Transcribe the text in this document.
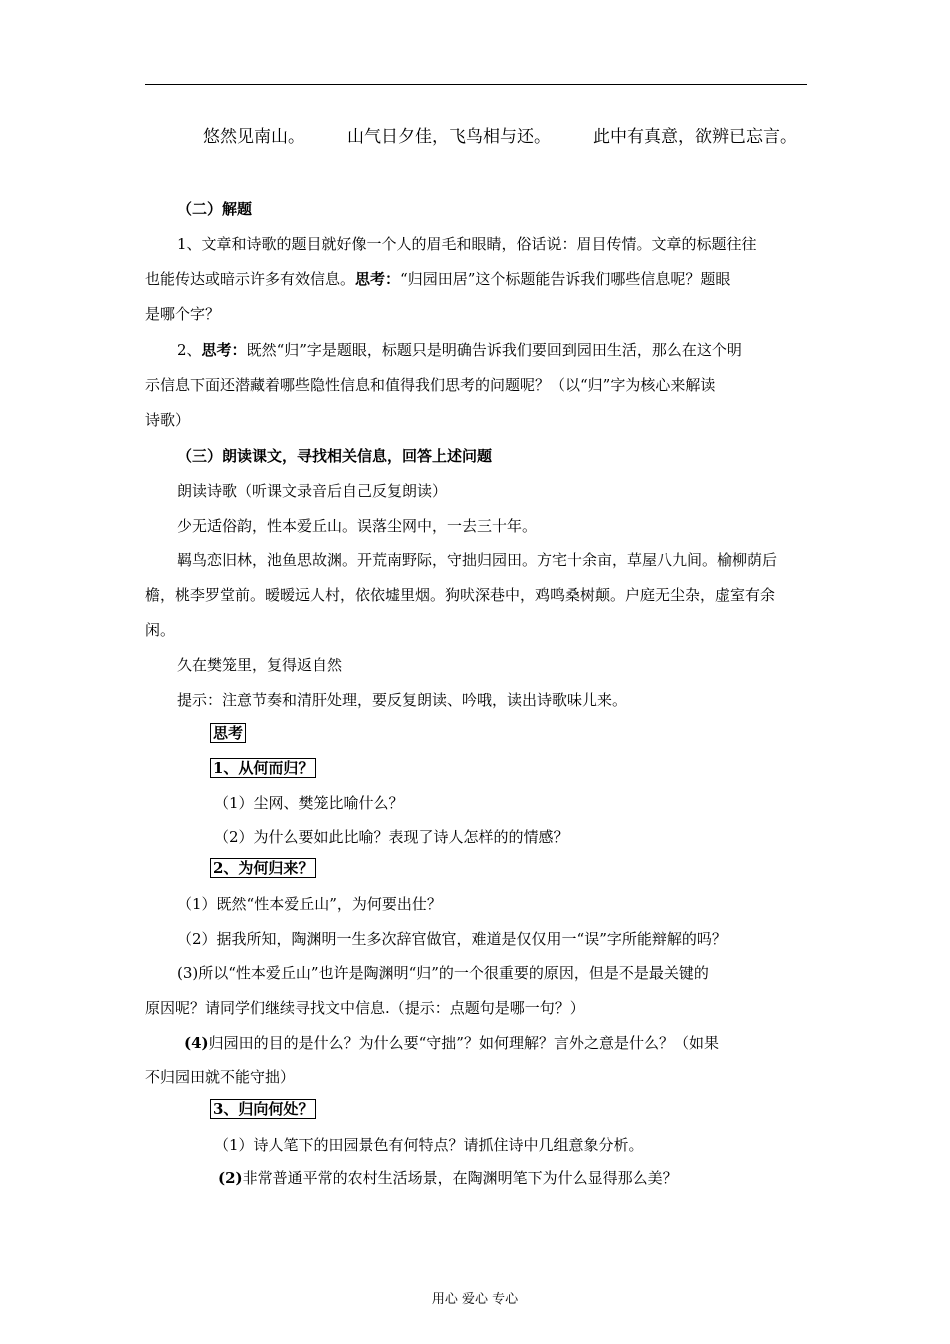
悠然见南山。 山气日夕佳，飞鸟相与还。 此中有真意，欲辨已忘言。
（二）解题
1、文章和诗歌的题目就好像一个人的眉毛和眼睛，俗话说：眉目传情。文章的标题往往
也能传达或暗示许多有效信息。思考：“归园田居”这个标题能告诉我们哪些信息呢？题眼
是哪个字？
2、思考：既然“归”字是题眼，标题只是明确告诉我们要回到园田生活，那么在这个明
示信息下面还潜藏着哪些隐性信息和值得我们思考的问题呢？（以“归”字为核心来解读
诗歌）
（三）朗读课文，寻找相关信息，回答上述问题
朗读诗歌（听课文录音后自己反复朗读）
少无适俗韵，性本爱丘山。误落尘网中，一去三十年。
羁鸟恋旧林，池鱼思故渊。开荒南野际，守拙归园田。方宅十余亩，草屋八九间。榆柳荫后
檐，桃李罗堂前。暧暧远人村，依依墟里烟。狗吠深巷中，鸡鸣桑树颠。户庭无尘杂，虚室有余
闲。
久在樊笼里，复得返自然
提示：注意节奏和清肝处理，要反复朗读、吟哦，读出诗歌味儿来。
思考
1、从何而归？
（1）尘网、樊笼比喻什么？
（2）为什么要如此比喻？表现了诗人怎样的的情感？
2、为何归来？
（1）既然“性本爱丘山”，为何要出仕？
（2）据我所知，陶渊明一生多次辞官做官，难道是仅仅用一“误”字所能辩解的吗？
(3)所以“性本爱丘山”也许是陶渊明“归”的一个很重要的原因，但是不是最关键的
原因呢？请同学们继续寻找文中信息.（提示：点题句是哪一句？）
(4)归园田的目的是什么？为什么要“守拙”？如何理解？言外之意是什么？（如果
不归园田就不能守拙）
3、归向何处？
（1）诗人笔下的田园景色有何特点？请抓住诗中几组意象分析。
(2)非常普通平常的农村生活场景，在陶渊明笔下为什么显得那么美？
用心 爱心 专心
